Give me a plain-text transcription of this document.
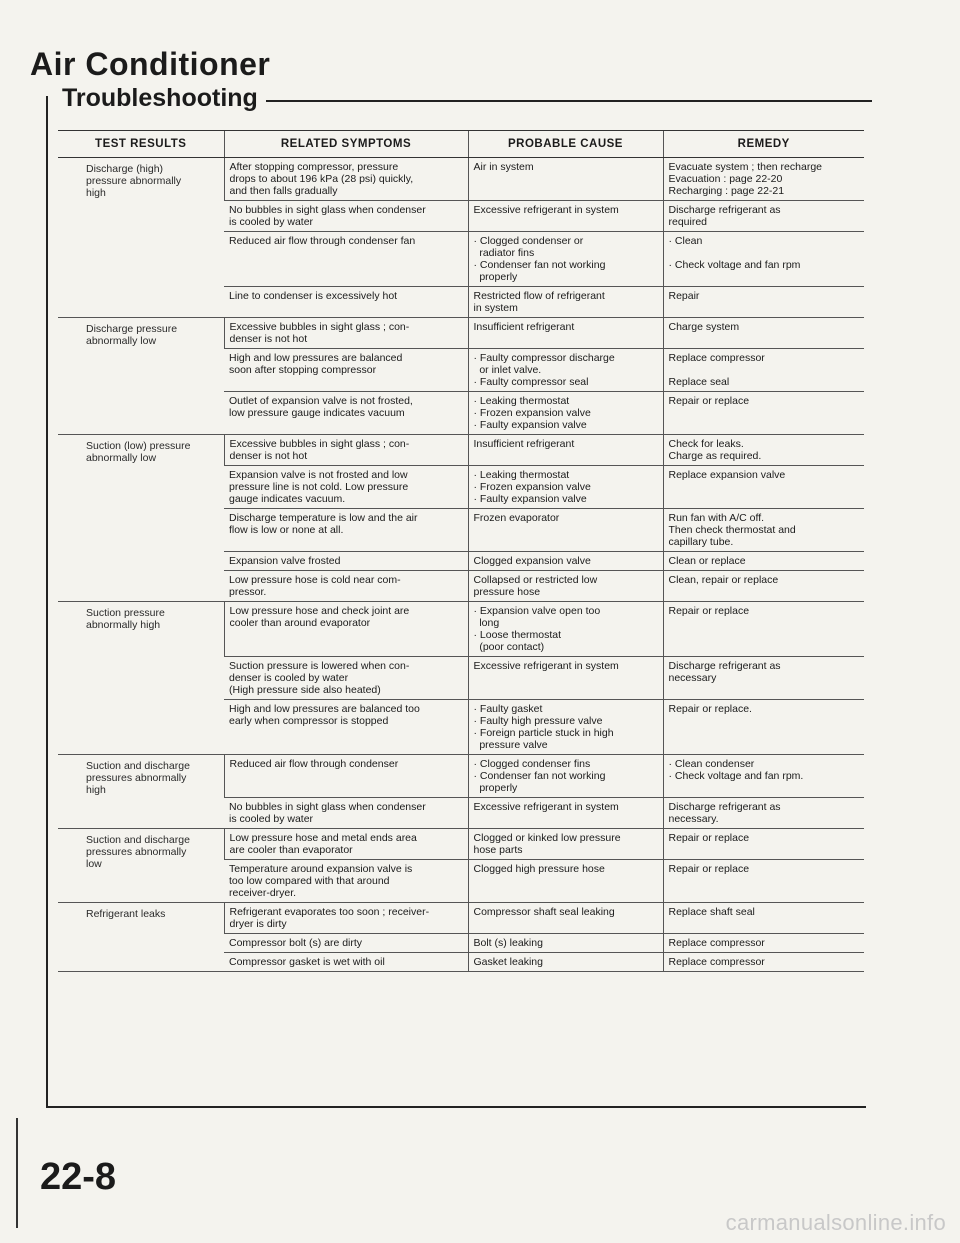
Air Conditioner
Troubleshooting
TEST RESULTS	RELATED SYMPTOMS	PROBABLE CAUSE	REMEDY

Discharge (high)
pressure abnormally
high	After stopping compressor, pressure
drops to about 196 kPa (28 psi) quickly,
and then falls gradually	Air in system	Evacuate system ; then recharge
Evacuation : page 22-20
Recharging : page 22-21

	No bubbles in sight glass when condenser
is cooled by water	Excessive refrigerant in system	Discharge refrigerant as
required

	Reduced air flow through condenser fan	· Clogged condenser or
radiator fins
· Condenser fan not working
properly	· Clean

· Check voltage and fan rpm

	Line to condenser is excessively hot	Restricted flow of refrigerant
in system	Repair

Discharge pressure
abnormally low	Excessive bubbles in sight glass ; con-
denser is not hot	Insufficient refrigerant	Charge system

	High and low pressures are balanced
soon after stopping compressor	· Faulty compressor discharge
or inlet valve.
· Faulty compressor seal	Replace compressor

Replace seal

	Outlet of expansion valve is not frosted,
low pressure gauge indicates vacuum	· Leaking thermostat
· Frozen expansion valve
· Faulty expansion valve	Repair or replace

Suction (low) pressure
abnormally low	Excessive bubbles in sight glass ; con-
denser is not hot	Insufficient refrigerant	Check for leaks.
Charge as required.

	Expansion valve is not frosted and low
pressure line is not cold. Low pressure
gauge indicates vacuum.	· Leaking thermostat
· Frozen expansion valve
· Faulty expansion valve	Replace expansion valve

	Discharge temperature is low and the air
flow is low or none at all.	Frozen evaporator	Run fan with A/C off.
Then check thermostat and
capillary tube.

	Expansion valve frosted	Clogged expansion valve	Clean or replace

	Low pressure hose is cold near com-
pressor.	Collapsed or restricted low
pressure hose	Clean, repair or replace

Suction pressure
abnormally high	Low pressure hose and check joint are
cooler than around evaporator	· Expansion valve open too
long
· Loose thermostat
(poor contact)	Repair or replace

	Suction pressure is lowered when con-
denser is cooled by water
(High pressure side also heated)	Excessive refrigerant in system	Discharge refrigerant as
necessary

	High and low pressures are balanced too
early when compressor is stopped	· Faulty gasket
· Faulty high pressure valve
· Foreign particle stuck in high
pressure valve	Repair or replace.

Suction and discharge
pressures abnormally
high	Reduced air flow through condenser	· Clogged condenser fins
· Condenser fan not working
properly	· Clean condenser
· Check voltage and fan rpm.

	No bubbles in sight glass when condenser
is cooled by water	Excessive refrigerant in system	Discharge refrigerant as
necessary.

Suction and discharge
pressures abnormally
low	Low pressure hose and metal ends area
are cooler than evaporator	Clogged or kinked low pressure
hose parts	Repair or replace

	Temperature around expansion valve is
too low compared with that around
receiver-dryer.	Clogged high pressure hose	Repair or replace

Refrigerant leaks	Refrigerant evaporates too soon ; receiver-
dryer is dirty	Compressor shaft seal leaking	Replace shaft seal

	Compressor bolt (s) are dirty	Bolt (s) leaking	Replace compressor

	Compressor gasket is wet with oil	Gasket leaking	Replace compressor
22-8
carmanualsonline.info
